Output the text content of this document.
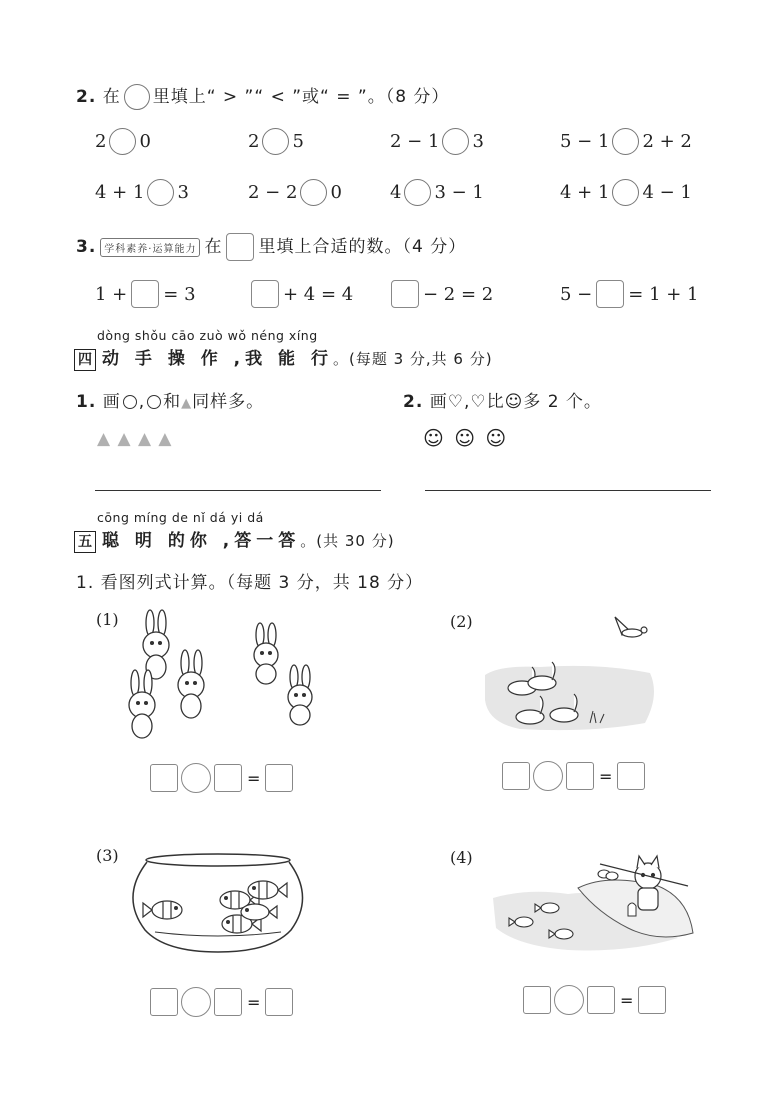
2. 在 里填上“ > ”“ < ”或“ = ”。（8 分）
2 0	2 5	2 − 1 3	5 − 1 2 + 2
4 + 1 3	2 − 2 0	4 3 − 1	4 + 1 4 − 1
3. 学科素养·运算能力 在 里填上合适的数。（4 分）
1 + = 3	+ 4 = 4	− 2 = 2	5 − = 1 + 1
dòng shǒu cāo zuò wǒ néng xíng
四 动 手 操 作 ,我 能 行。(每题 3 分,共 6 分)
1. 画 , 和▲同样多。
▲ ▲ ▲ ▲
2. 画♡,♡比☺多 2 个。
☺ ☺ ☺
cōng míng de nǐ dá yi dá
五 聪 明 的你 ,答一答。(共 30 分)
1. 看图列式计算。（每题 3 分，共 18 分）
(1)
=
(2)
=
(3)
=
(4)
=
